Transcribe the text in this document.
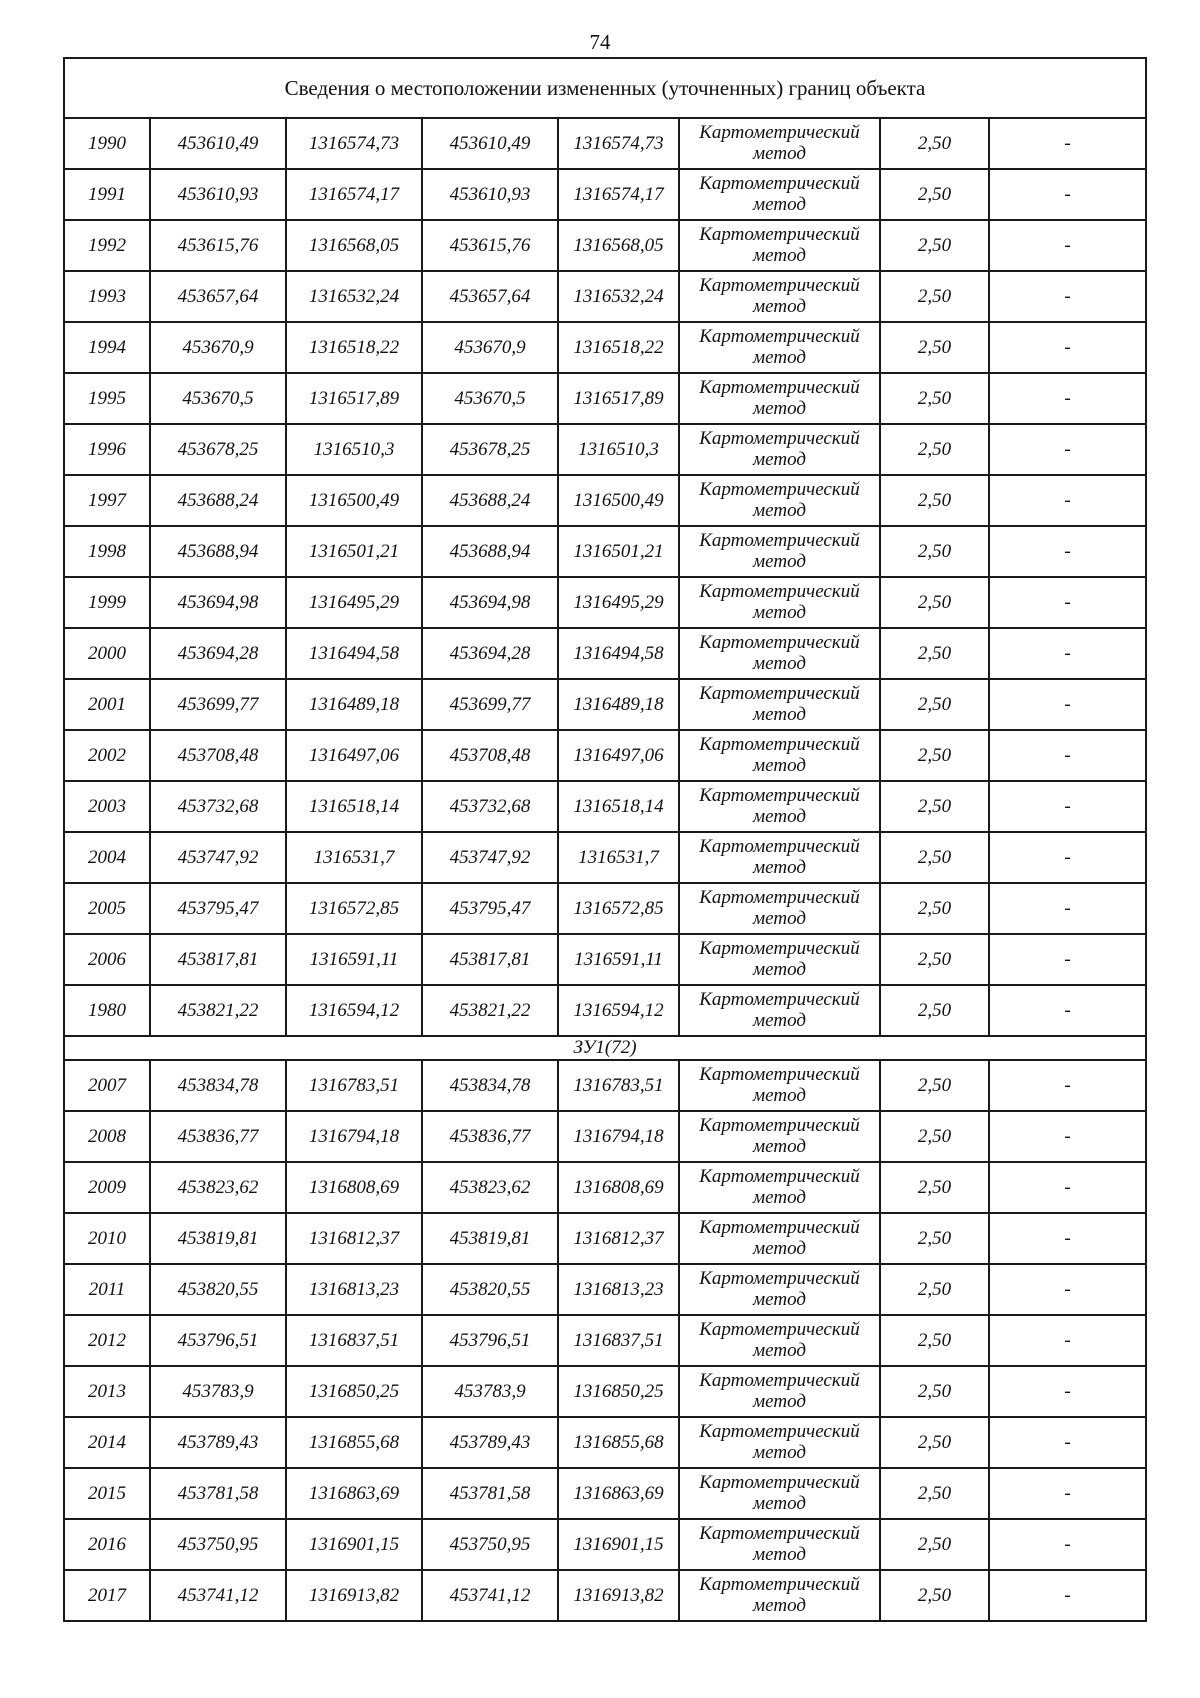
74
Сведения о местоположении измененных (уточненных) границ объекта							
1990	453610,49	1316574,73	453610,49	1316574,73	Картометрический
метод	2,50	-
1991	453610,93	1316574,17	453610,93	1316574,17	Картометрический
метод	2,50	-
1992	453615,76	1316568,05	453615,76	1316568,05	Картометрический
метод	2,50	-
1993	453657,64	1316532,24	453657,64	1316532,24	Картометрический
метод	2,50	-
1994	453670,9	1316518,22	453670,9	1316518,22	Картометрический
метод	2,50	-
1995	453670,5	1316517,89	453670,5	1316517,89	Картометрический
метод	2,50	-
1996	453678,25	1316510,3	453678,25	1316510,3	Картометрический
метод	2,50	-
1997	453688,24	1316500,49	453688,24	1316500,49	Картометрический
метод	2,50	-
1998	453688,94	1316501,21	453688,94	1316501,21	Картометрический
метод	2,50	-
1999	453694,98	1316495,29	453694,98	1316495,29	Картометрический
метод	2,50	-
2000	453694,28	1316494,58	453694,28	1316494,58	Картометрический
метод	2,50	-
2001	453699,77	1316489,18	453699,77	1316489,18	Картометрический
метод	2,50	-
2002	453708,48	1316497,06	453708,48	1316497,06	Картометрический
метод	2,50	-
2003	453732,68	1316518,14	453732,68	1316518,14	Картометрический
метод	2,50	-
2004	453747,92	1316531,7	453747,92	1316531,7	Картометрический
метод	2,50	-
2005	453795,47	1316572,85	453795,47	1316572,85	Картометрический
метод	2,50	-
2006	453817,81	1316591,11	453817,81	1316591,11	Картометрический
метод	2,50	-
1980	453821,22	1316594,12	453821,22	1316594,12	Картометрический
метод	2,50	-
ЗУ1(72)							
2007	453834,78	1316783,51	453834,78	1316783,51	Картометрический
метод	2,50	-
2008	453836,77	1316794,18	453836,77	1316794,18	Картометрический
метод	2,50	-
2009	453823,62	1316808,69	453823,62	1316808,69	Картометрический
метод	2,50	-
2010	453819,81	1316812,37	453819,81	1316812,37	Картометрический
метод	2,50	-
2011	453820,55	1316813,23	453820,55	1316813,23	Картометрический
метод	2,50	-
2012	453796,51	1316837,51	453796,51	1316837,51	Картометрический
метод	2,50	-
2013	453783,9	1316850,25	453783,9	1316850,25	Картометрический
метод	2,50	-
2014	453789,43	1316855,68	453789,43	1316855,68	Картометрический
метод	2,50	-
2015	453781,58	1316863,69	453781,58	1316863,69	Картометрический
метод	2,50	-
2016	453750,95	1316901,15	453750,95	1316901,15	Картометрический
метод	2,50	-
2017	453741,12	1316913,82	453741,12	1316913,82	Картометрический
метод	2,50	-
